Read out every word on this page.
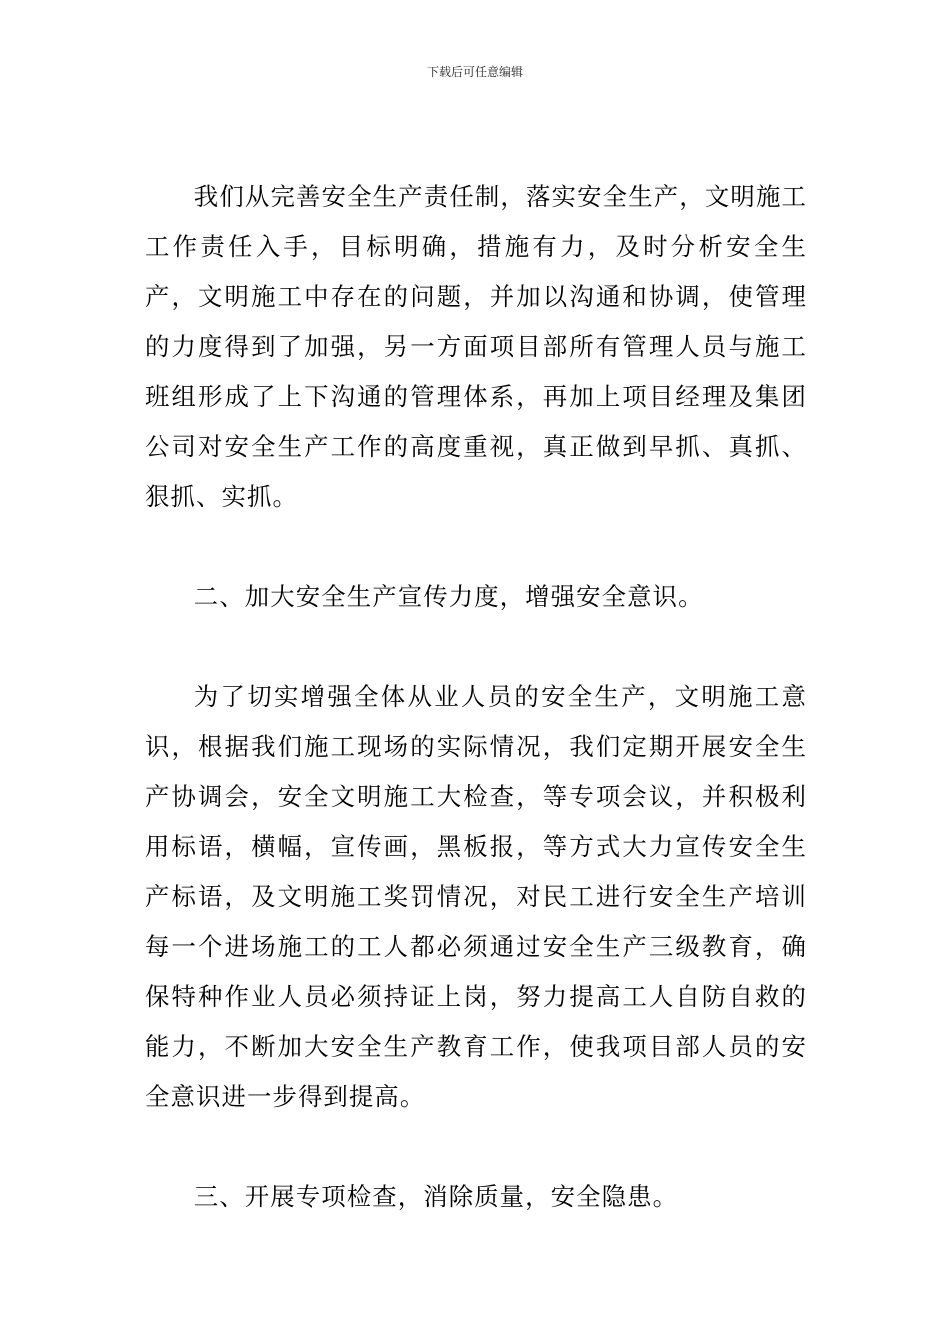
下载后可任意编辑

我们从完善安全生产责任制，落实安全生产，文明施工工作责任入手，目标明确，措施有力，及时分析安全生产，文明施工中存在的问题，并加以沟通和协调，使管理的力度得到了加强，另一方面项目部所有管理人员与施工班组形成了上下沟通的管理体系，再加上项目经理及集团公司对安全生产工作的高度重视，真正做到早抓、真抓、狠抓、实抓。

二、加大安全生产宣传力度，增强安全意识。

为了切实增强全体从业人员的安全生产，文明施工意识，根据我们施工现场的实际情况，我们定期开展安全生产协调会，安全文明施工大检查，等专项会议，并积极利用标语，横幅，宣传画，黑板报，等方式大力宣传安全生产标语，及文明施工奖罚情况，对民工进行安全生产培训每一个进场施工的工人都必须通过安全生产三级教育，确保特种作业人员必须持证上岗，努力提高工人自防自救的能力，不断加大安全生产教育工作，使我项目部人员的安全意识进一步得到提高。

三、开展专项检查，消除质量，安全隐患。
